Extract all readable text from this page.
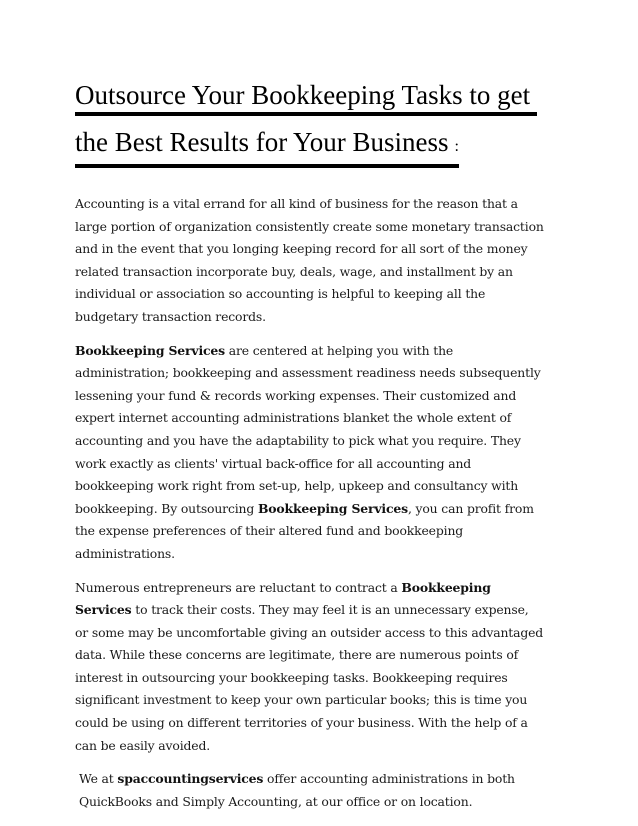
Outsource Your Bookkeeping Tasks to get
the Best Results for Your Business :

Accounting is a vital errand for all kind of business for the reason that a large portion of organization consistently create some monetary transaction and in the event that you longing keeping record for all sort of the money related transaction incorporate buy, deals, wage, and installment by an individual or association so accounting is helpful to keeping all the budgetary transaction records.

Bookkeeping Services are centered at helping you with the administration; bookkeeping and assessment readiness needs subsequently lessening your fund & records working expenses. Their customized and expert internet accounting administrations blanket the whole extent of accounting and you have the adaptability to pick what you require. They work exactly as clients' virtual back-office for all accounting and bookkeeping work right from set-up, help, upkeep and consultancy with bookkeeping. By outsourcing Bookkeeping Services, you can profit from the expense preferences of their altered fund and bookkeeping administrations.

Numerous entrepreneurs are reluctant to contract a Bookkeeping Services to track their costs. They may feel it is an unnecessary expense, or some may be uncomfortable giving an outsider access to this advantaged data. While these concerns are legitimate, there are numerous points of interest in outsourcing your bookkeeping tasks. Bookkeeping requires significant investment to keep your own particular books; this is time you could be using on different territories of your business. With the help of a can be easily avoided.

We at spaccountingservices offer accounting administrations in both QuickBooks and Simply Accounting, at our office or on location.
